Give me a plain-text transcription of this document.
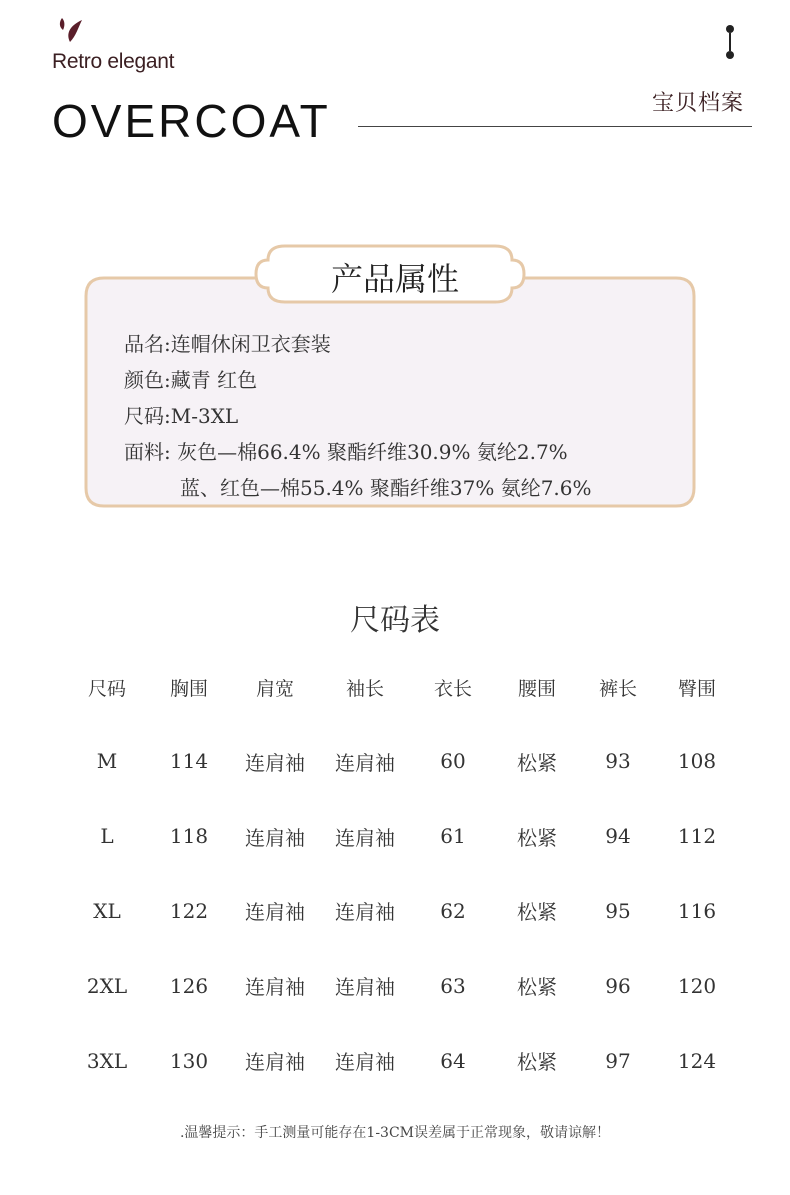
Retro elegant
OVERCOAT	宝贝档案
产品属性
品名:连帽休闲卫衣套装
颜色:藏青 红色
尺码:M-3XL
面料: 灰色—棉66.4% 聚酯纤维30.9% 氨纶2.7%
蓝、红色—棉55.4% 聚酯纤维37% 氨纶7.6%
尺码表
尺码	胸围	肩宽	袖长	衣长	腰围	裤长	臀围
M	114	连肩袖	连肩袖	60	松紧	93	108
L	118	连肩袖	连肩袖	61	松紧	94	112
XL	122	连肩袖	连肩袖	62	松紧	95	116
2XL	126	连肩袖	连肩袖	63	松紧	96	120
3XL	130	连肩袖	连肩袖	64	松紧	97	124
.温馨提示：手工测量可能存在1-3CM误差属于正常现象，敬请谅解！
